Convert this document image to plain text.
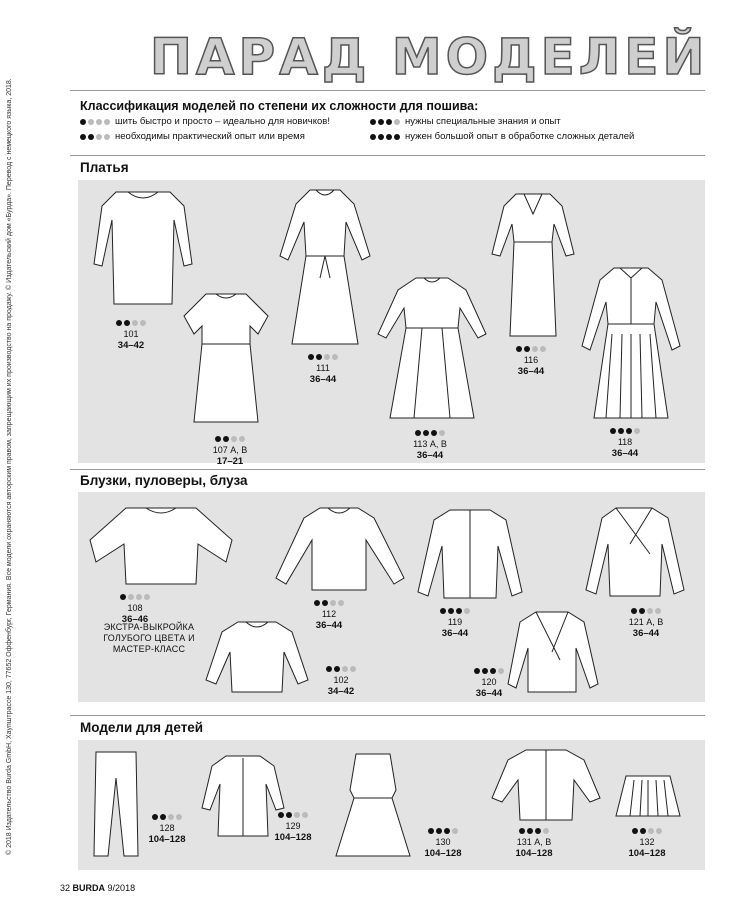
© 2018 Издательство Burda GmbH, Хаупштрассе 130, 77652 Оффенбург, Германия. Все модели охраняются авторским правом, запрещающим их производство на продажу. © Издательский дом «Бурда». Перевод с немецкого языка, 2018.
ПАРАД МОДЕЛЕЙ
Классификация моделей по степени их сложности для пошива:
шить быстро и просто – идеально для новичков!
необходимы практический опыт или время
нужны специальные знания и опыт
нужен большой опыт в обработке сложных деталей
Платья
101
34–42
107 А, В
17–21
111
36–44
113 А, В
36–44
116
36–44
118
36–44
Блузки, пуловеры, блуза
108
36–46
ЭКСТРА-ВЫКРОЙКА
ГОЛУБОГО ЦВЕТА И
МАСТЕР-КЛАСС
112
36–44	119
36–44
121 А, В
36–44
102
34–42
120
36–44
Модели для детей
128
104–128
129
104–128	130
104–128
131 А, В
104–128
132
104–128
32 BURDA 9/2018
